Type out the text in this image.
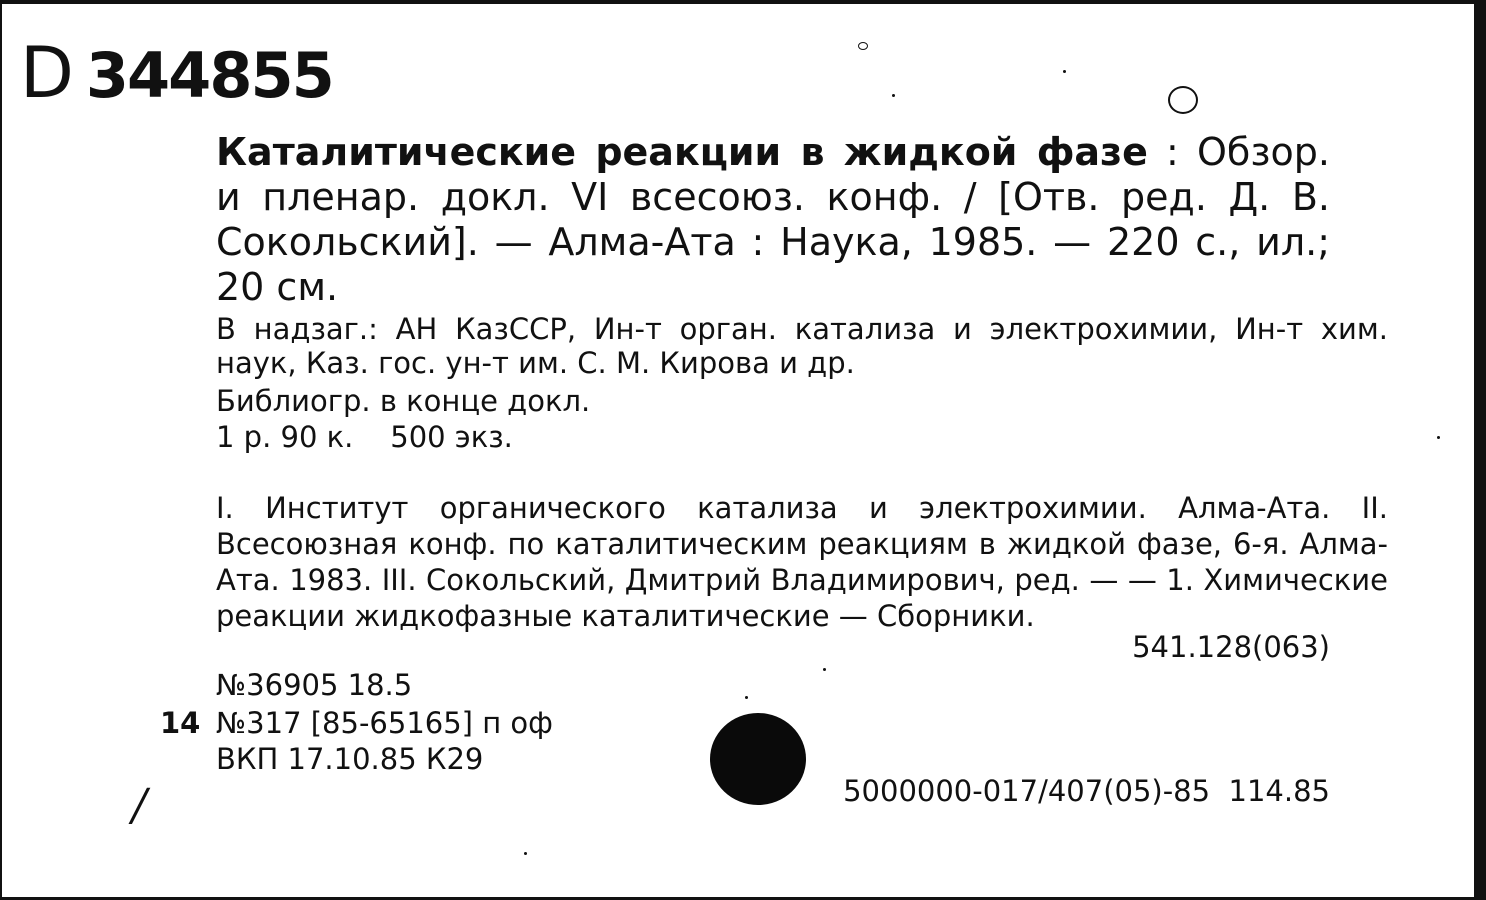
D 344855
Каталитические реакции в жидкой фазе : Обзор. и пленар. докл. VI всесоюз. конф. / [Отв. ред. Д. В. Сокольский]. — Алма-Ата : Наука, 1985. — 220 с., ил.; 20 см.
В надзаг.: АН КазССР, Ин-т орган. катализа и электрохимии, Ин-т хим. наук, Каз. гос. ун-т им. С. М. Кирова и др.
Библиогр. в конце докл.
1 р. 90 к.    500 экз.
I. Институт органического катализа и электрохимии. Алма-Ата. II. Всесоюзная конф. по каталитическим реакциям в жидкой фазе, 6-я. Алма-Ата. 1983. III. Сокольский, Дмитрий Владимирович, ред. — — 1. Химические реакции жидкофазные каталитические — Сборники.
541.128(063)
№36905 18.5
14 №317 [85-65165] п оф
ВКП 17.10.85 К29
/	5000000-017/407(05)-85  114.85
